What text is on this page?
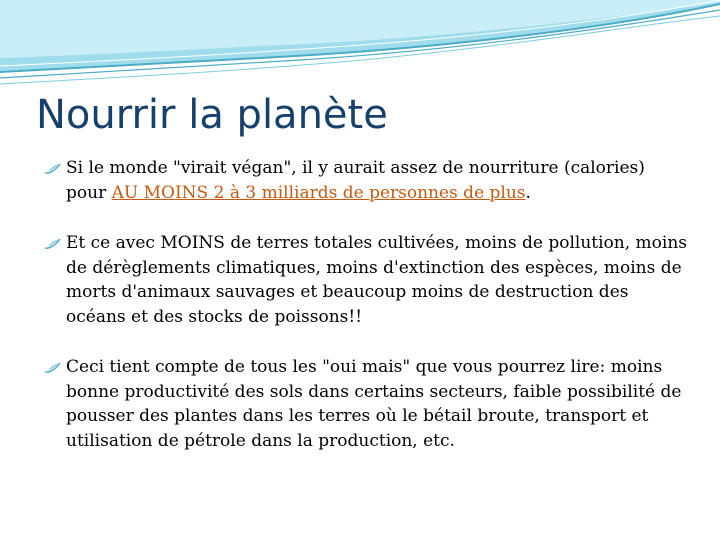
Nourrir la planète
Si le monde "virait végan", il y aurait assez de nourriture (calories) pour AU MOINS 2 à 3 milliards de personnes de plus.
Et ce avec MOINS de terres totales cultivées, moins de pollution, moins de dérèglements climatiques, moins d'extinction des espèces, moins de morts d'animaux sauvages et beaucoup moins de destruction des océans et des stocks de poissons!!
Ceci tient compte de tous les "oui mais" que vous pourrez lire: moins bonne productivité des sols dans certains secteurs, faible possibilité de pousser des plantes dans les terres où le bétail broute, transport et utilisation de pétrole dans la production, etc.
